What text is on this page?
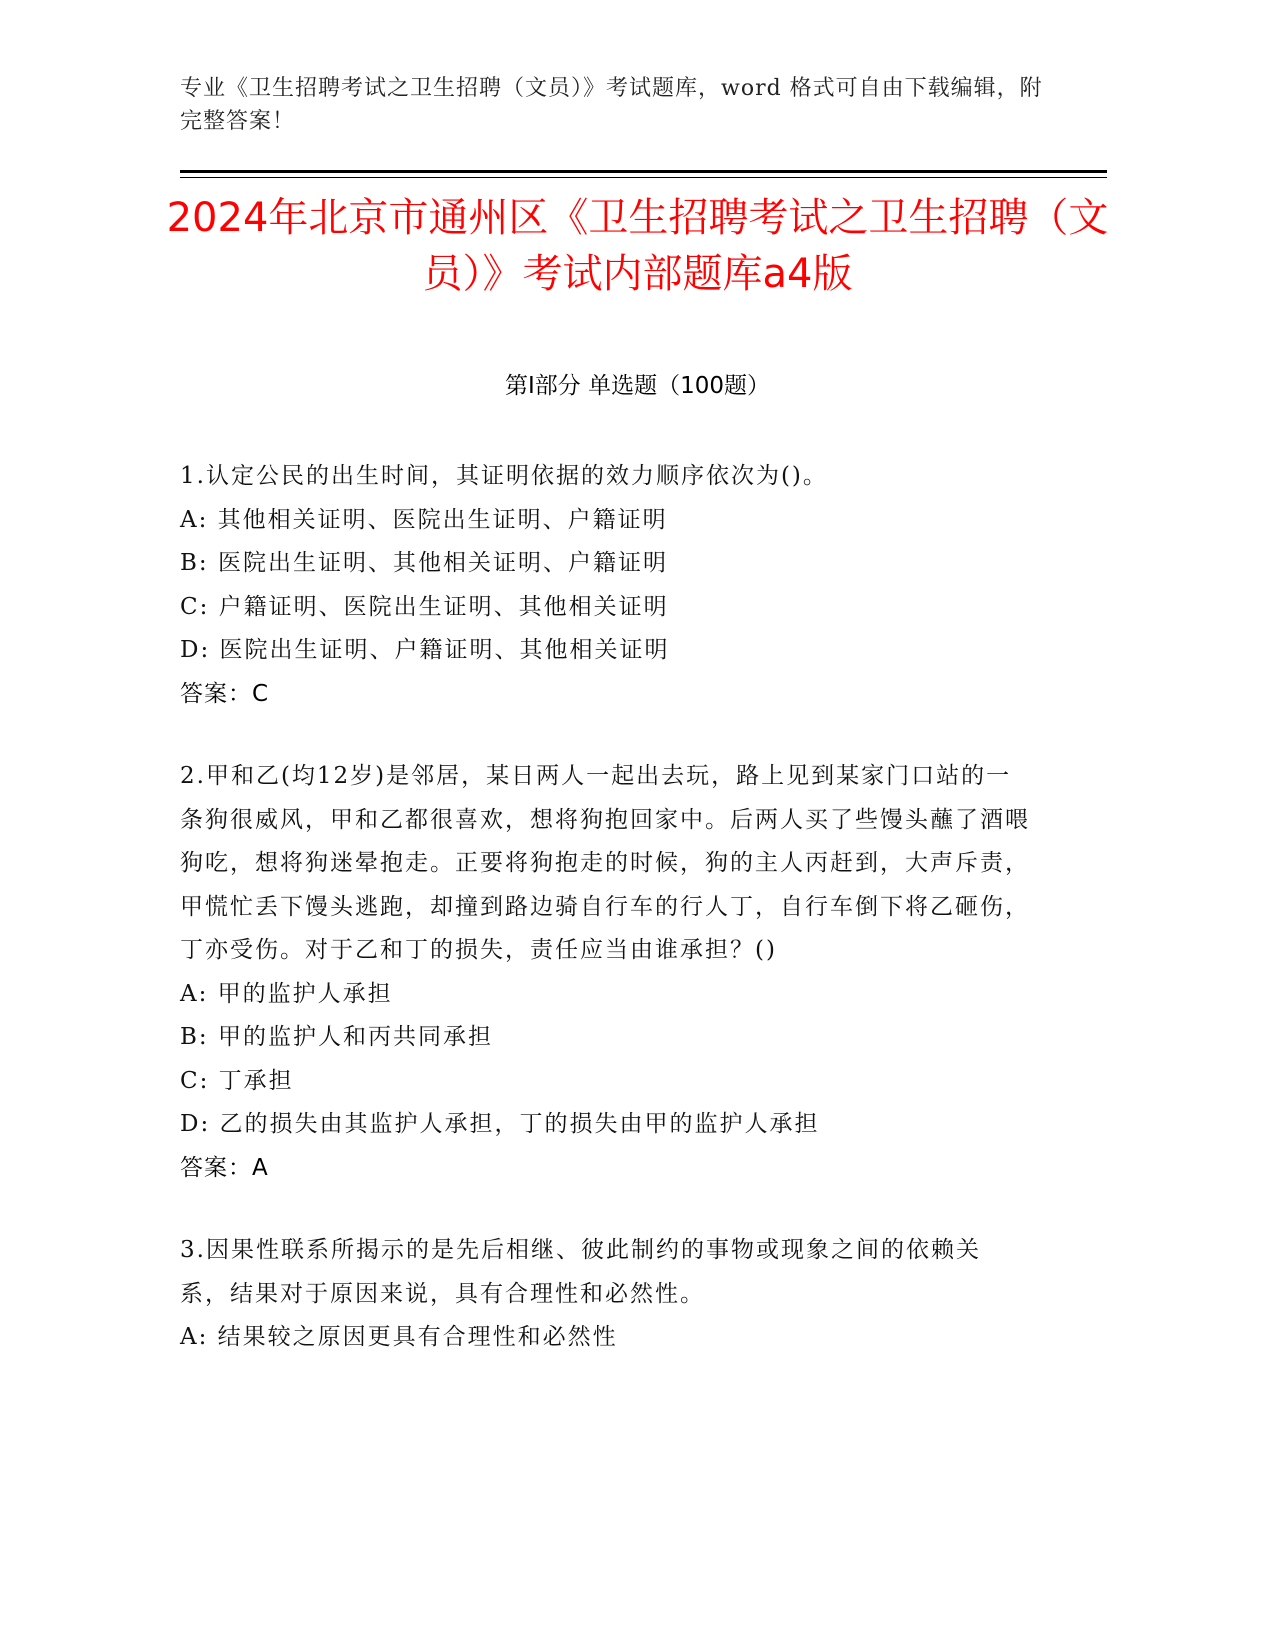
专业《卫生招聘考试之卫生招聘（文员）》考试题库，word 格式可自由下载编辑，附完整答案！
2024年北京市通州区《卫生招聘考试之卫生招聘（文员）》考试内部题库a4版
第Ⅰ部分 单选题（100题）

1.认定公民的出生时间，其证明依据的效力顺序依次为()。

A: 其他相关证明、医院出生证明、户籍证明

B: 医院出生证明、其他相关证明、户籍证明

C: 户籍证明、医院出生证明、其他相关证明

D: 医院出生证明、户籍证明、其他相关证明

答案：C

2.甲和乙(均12岁)是邻居，某日两人一起出去玩，路上见到某家门口站的一条狗很威风，甲和乙都很喜欢，想将狗抱回家中。后两人买了些馒头蘸了酒喂狗吃，想将狗迷晕抱走。正要将狗抱走的时候，狗的主人丙赶到，大声斥责，甲慌忙丢下馒头逃跑，却撞到路边骑自行车的行人丁，自行车倒下将乙砸伤，丁亦受伤。对于乙和丁的损失，责任应当由谁承担？()

A: 甲的监护人承担

B: 甲的监护人和丙共同承担

C: 丁承担

D: 乙的损失由其监护人承担，丁的损失由甲的监护人承担

答案：A

3.因果性联系所揭示的是先后相继、彼此制约的事物或现象之间的依赖关系，结果对于原因来说，具有合理性和必然性。

A: 结果较之原因更具有合理性和必然性
